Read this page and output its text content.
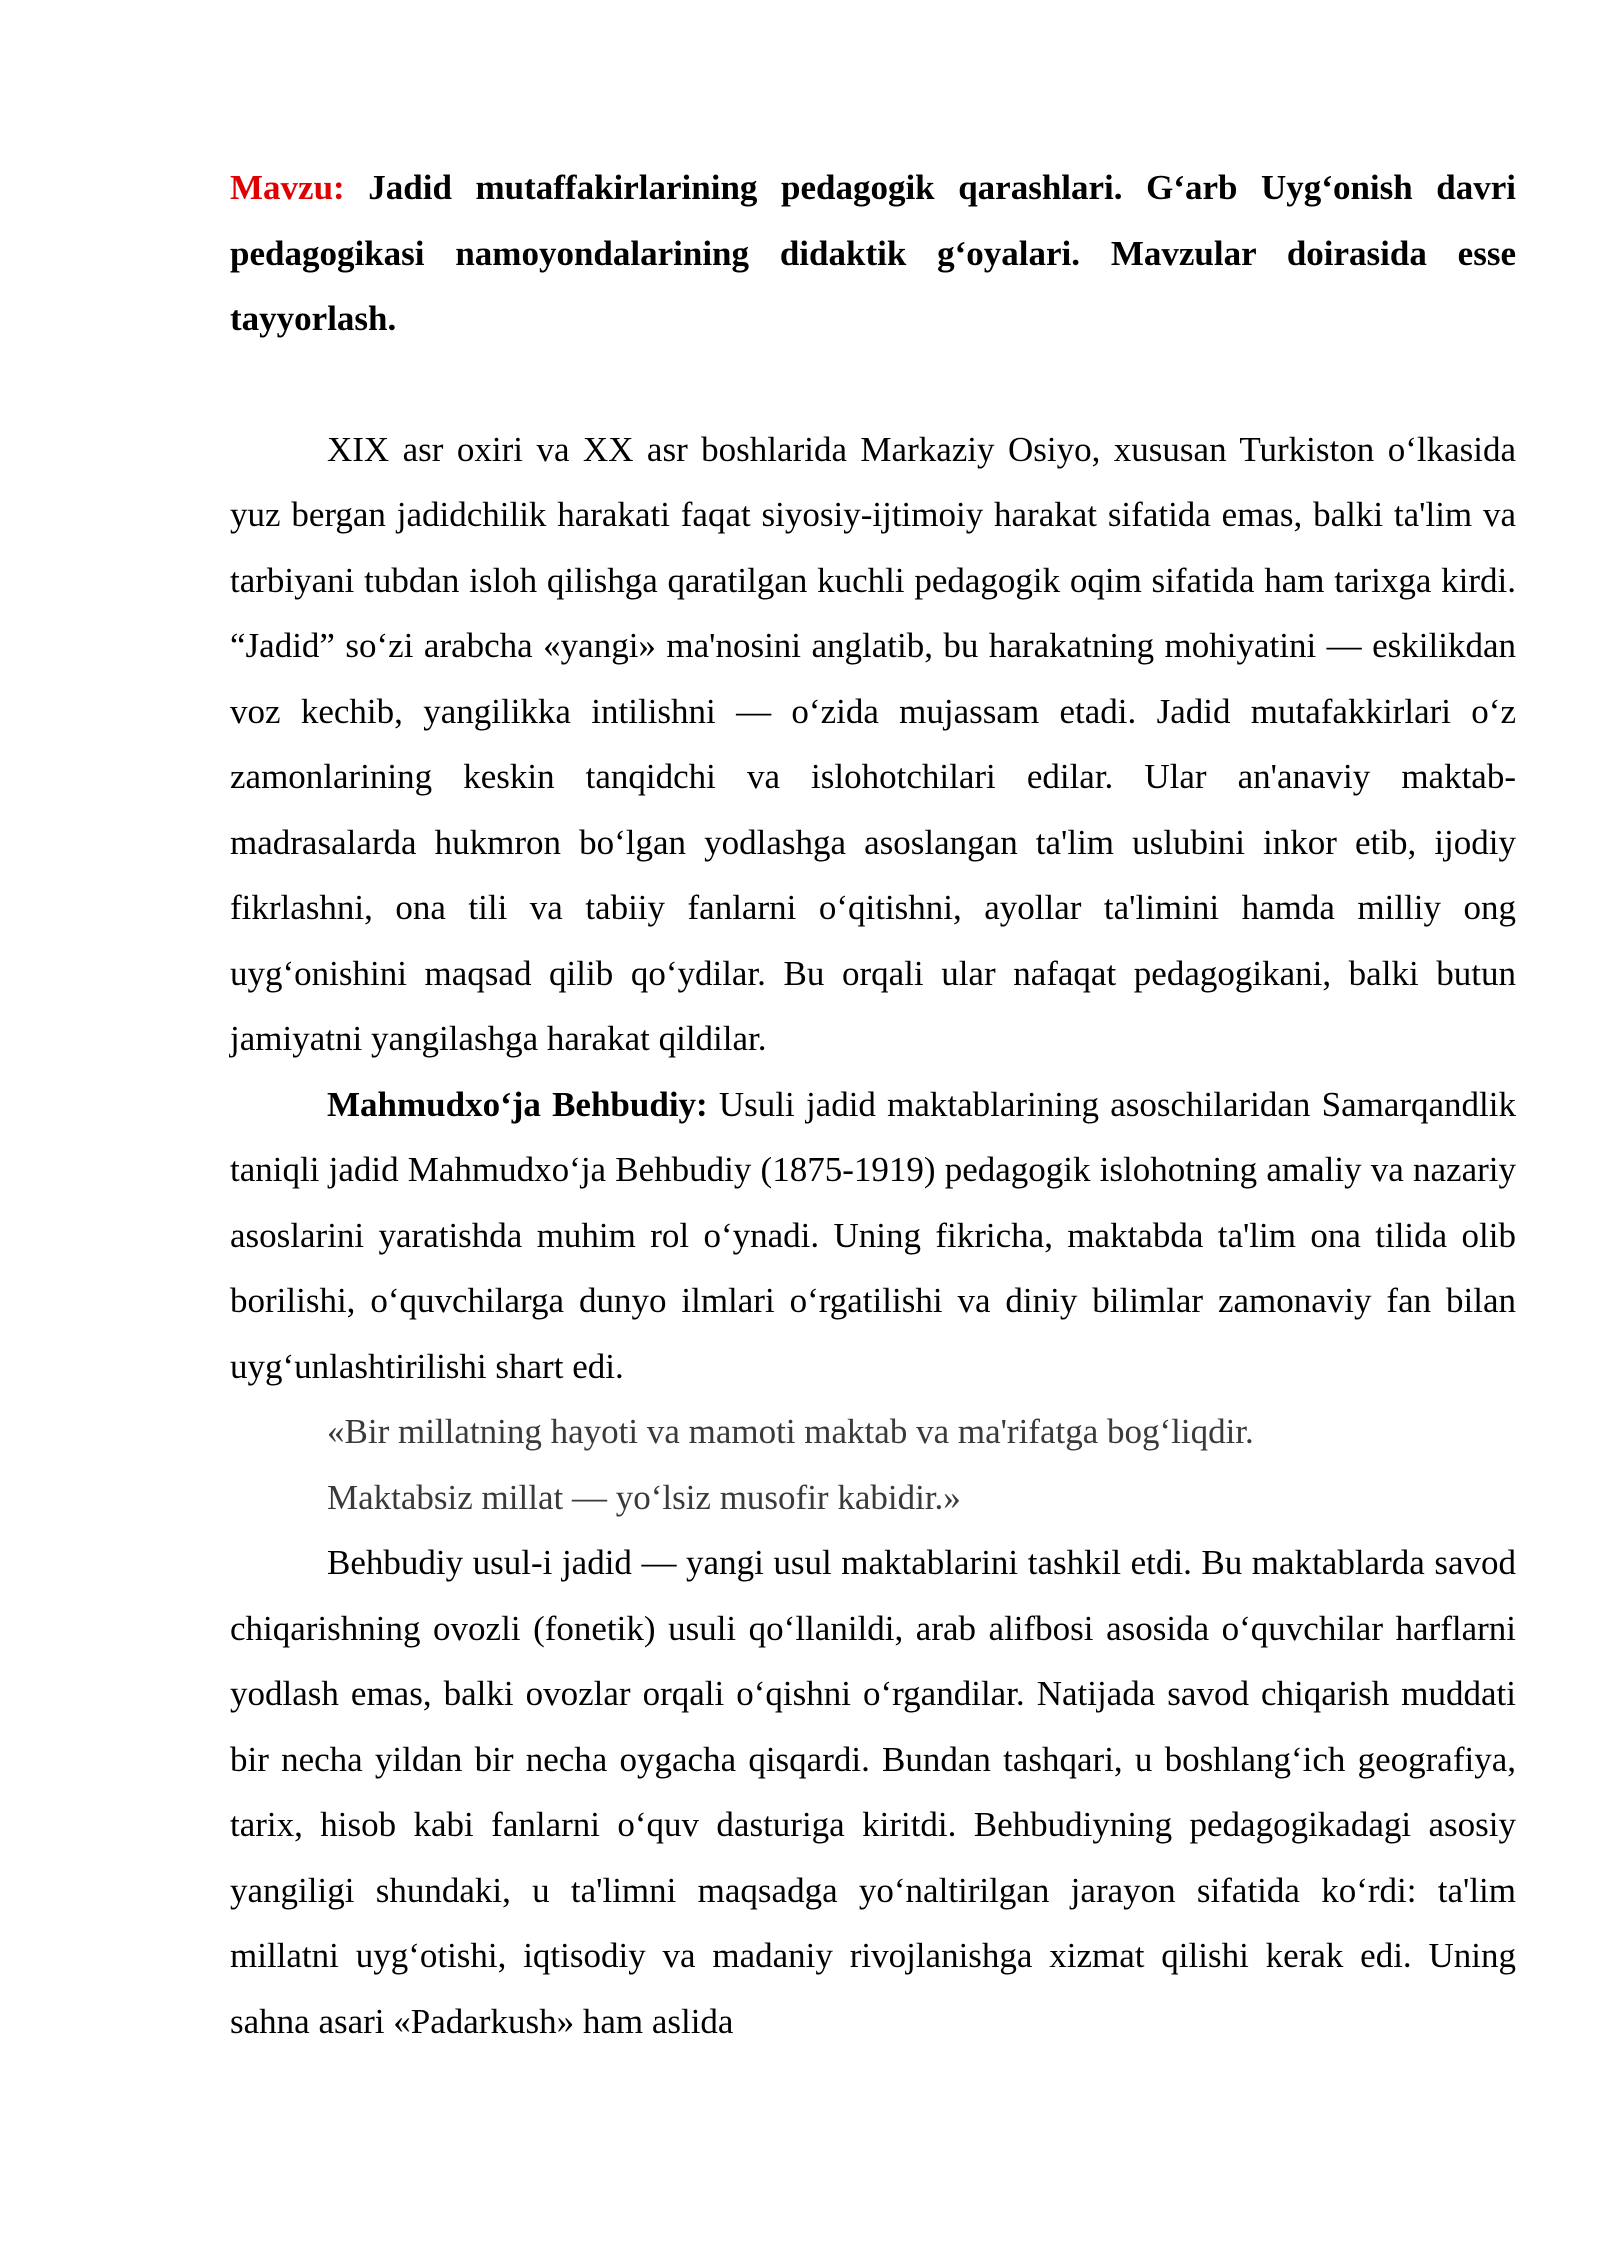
Mavzu: Jadid mutaffakirlarining pedagogik qarashlari. G‘arb Uyg‘onish davri pedagogikasi namoyondalarining didaktik g‘oyalari. Mavzular doirasida esse tayyorlash.

XIX asr oxiri va XX asr boshlarida Markaziy Osiyo, xususan Turkiston o‘lkasida yuz bergan jadidchilik harakati faqat siyosiy-ijtimoiy harakat sifatida emas, balki ta'lim va tarbiyani tubdan isloh qilishga qaratilgan kuchli pedagogik oqim sifatida ham tarixga kirdi. “Jadid” so‘zi arabcha «yangi» ma'nosini anglatib, bu harakatning mohiyatini — eskilikdan voz kechib, yangilikka intilishni — o‘zida mujassam etadi. Jadid mutafakkirlari o‘z zamonlarining keskin tanqidchi va islohotchilari edilar. Ular an'anaviy maktab-madrasalarda hukmron bo‘lgan yodlashga asoslangan ta'lim uslubini inkor etib, ijodiy fikrlashni, ona tili va tabiiy fanlarni o‘qitishni, ayollar ta'limini hamda milliy ong uyg‘onishini maqsad qilib qo‘ydilar. Bu orqali ular nafaqat pedagogikani, balki butun jamiyatni yangilashga harakat qildilar.

Mahmudxo‘ja Behbudiy: Usuli jadid maktablarining asoschilaridan Samarqandlik taniqli jadid Mahmudxo‘ja Behbudiy (1875-1919) pedagogik islohotning amaliy va nazariy asoslarini yaratishda muhim rol o‘ynadi. Uning fikricha, maktabda ta'lim ona tilida olib borilishi, o‘quvchilarga dunyo ilmlari o‘rgatilishi va diniy bilimlar zamonaviy fan bilan uyg‘unlashtirilishi shart edi.

«Bir millatning hayoti va mamoti maktab va ma'rifatga bog‘liqdir.
Maktabsiz millat — yo‘lsiz musofir kabidir.»

Behbudiy usul-i jadid — yangi usul maktablarini tashkil etdi. Bu maktablarda savod chiqarishning ovozli (fonetik) usuli qo‘llanildi, arab alifbosi asosida o‘quvchilar harflarni yodlash emas, balki ovozlar orqali o‘qishni o‘rgandilar. Natijada savod chiqarish muddati bir necha yildan bir necha oygacha qisqardi. Bundan tashqari, u boshlang‘ich geografiya, tarix, hisob kabi fanlarni o‘quv dasturiga kiritdi. Behbudiyning pedagogikadagi asosiy yangiligi shundaki, u ta'limni maqsadga yo‘naltirilgan jarayon sifatida ko‘rdi: ta'lim millatni uyg‘otishi, iqtisodiy va madaniy rivojlanishga xizmat qilishi kerak edi. Uning sahna asari «Padarkush» ham aslida
